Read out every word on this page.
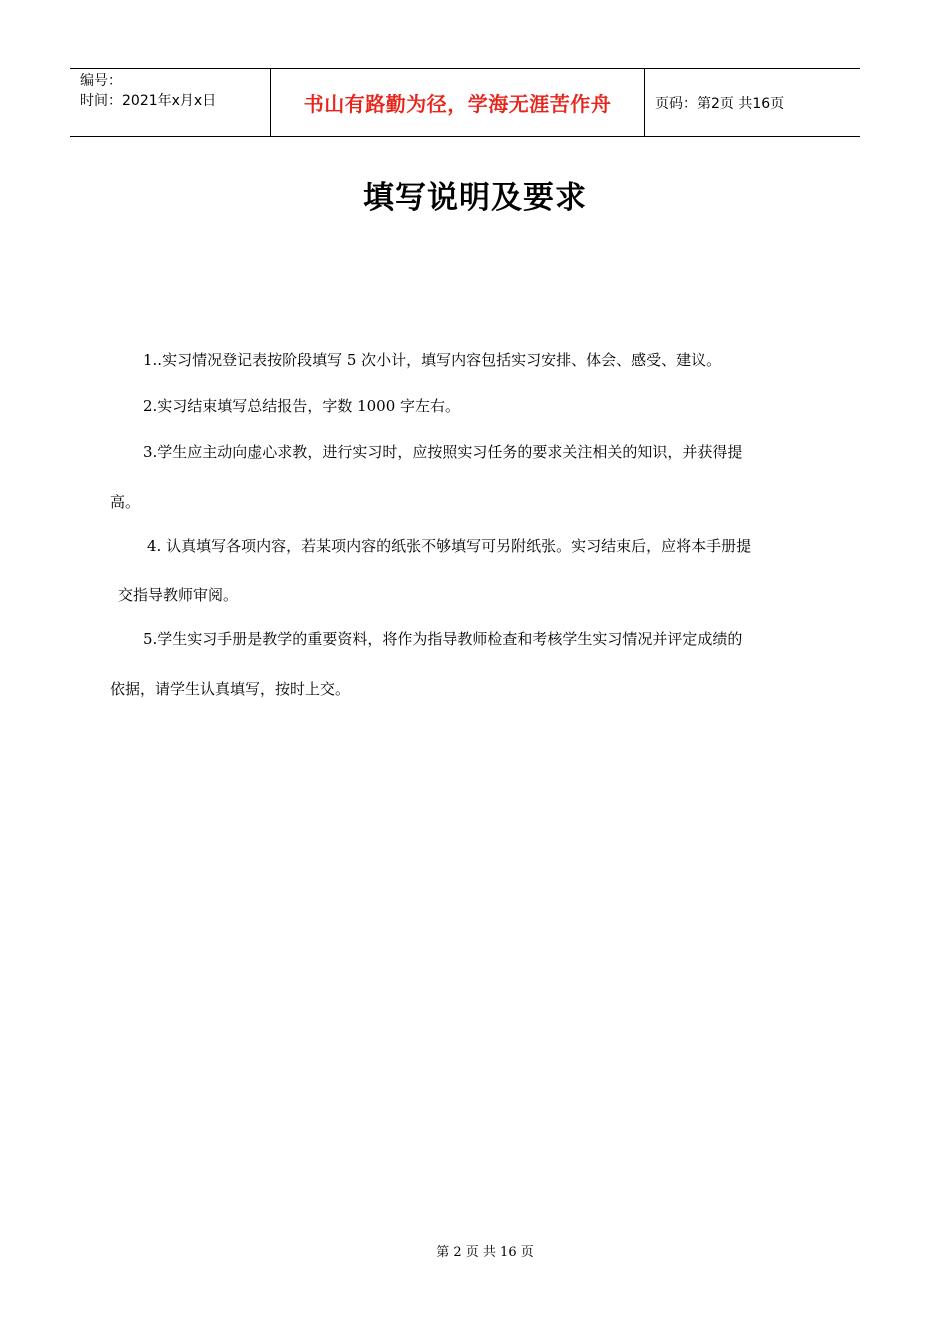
编号：
时间：2021年x月x日	书山有路勤为径，学海无涯苦作舟	页码：第2页 共16页
填写说明及要求
1..实习情况登记表按阶段填写 5 次小计，填写内容包括实习安排、体会、感受、建议。
2.实习结束填写总结报告，字数 1000 字左右。
3.学生应主动向虚心求教，进行实习时，应按照实习任务的要求关注相关的知识，并获得提
高。
4. 认真填写各项内容，若某项内容的纸张不够填写可另附纸张。实习结束后，应将本手册提
交指导教师审阅。
5.学生实习手册是教学的重要资料，将作为指导教师检查和考核学生实习情况并评定成绩的
依据，请学生认真填写，按时上交。
第 2 页 共 16 页
